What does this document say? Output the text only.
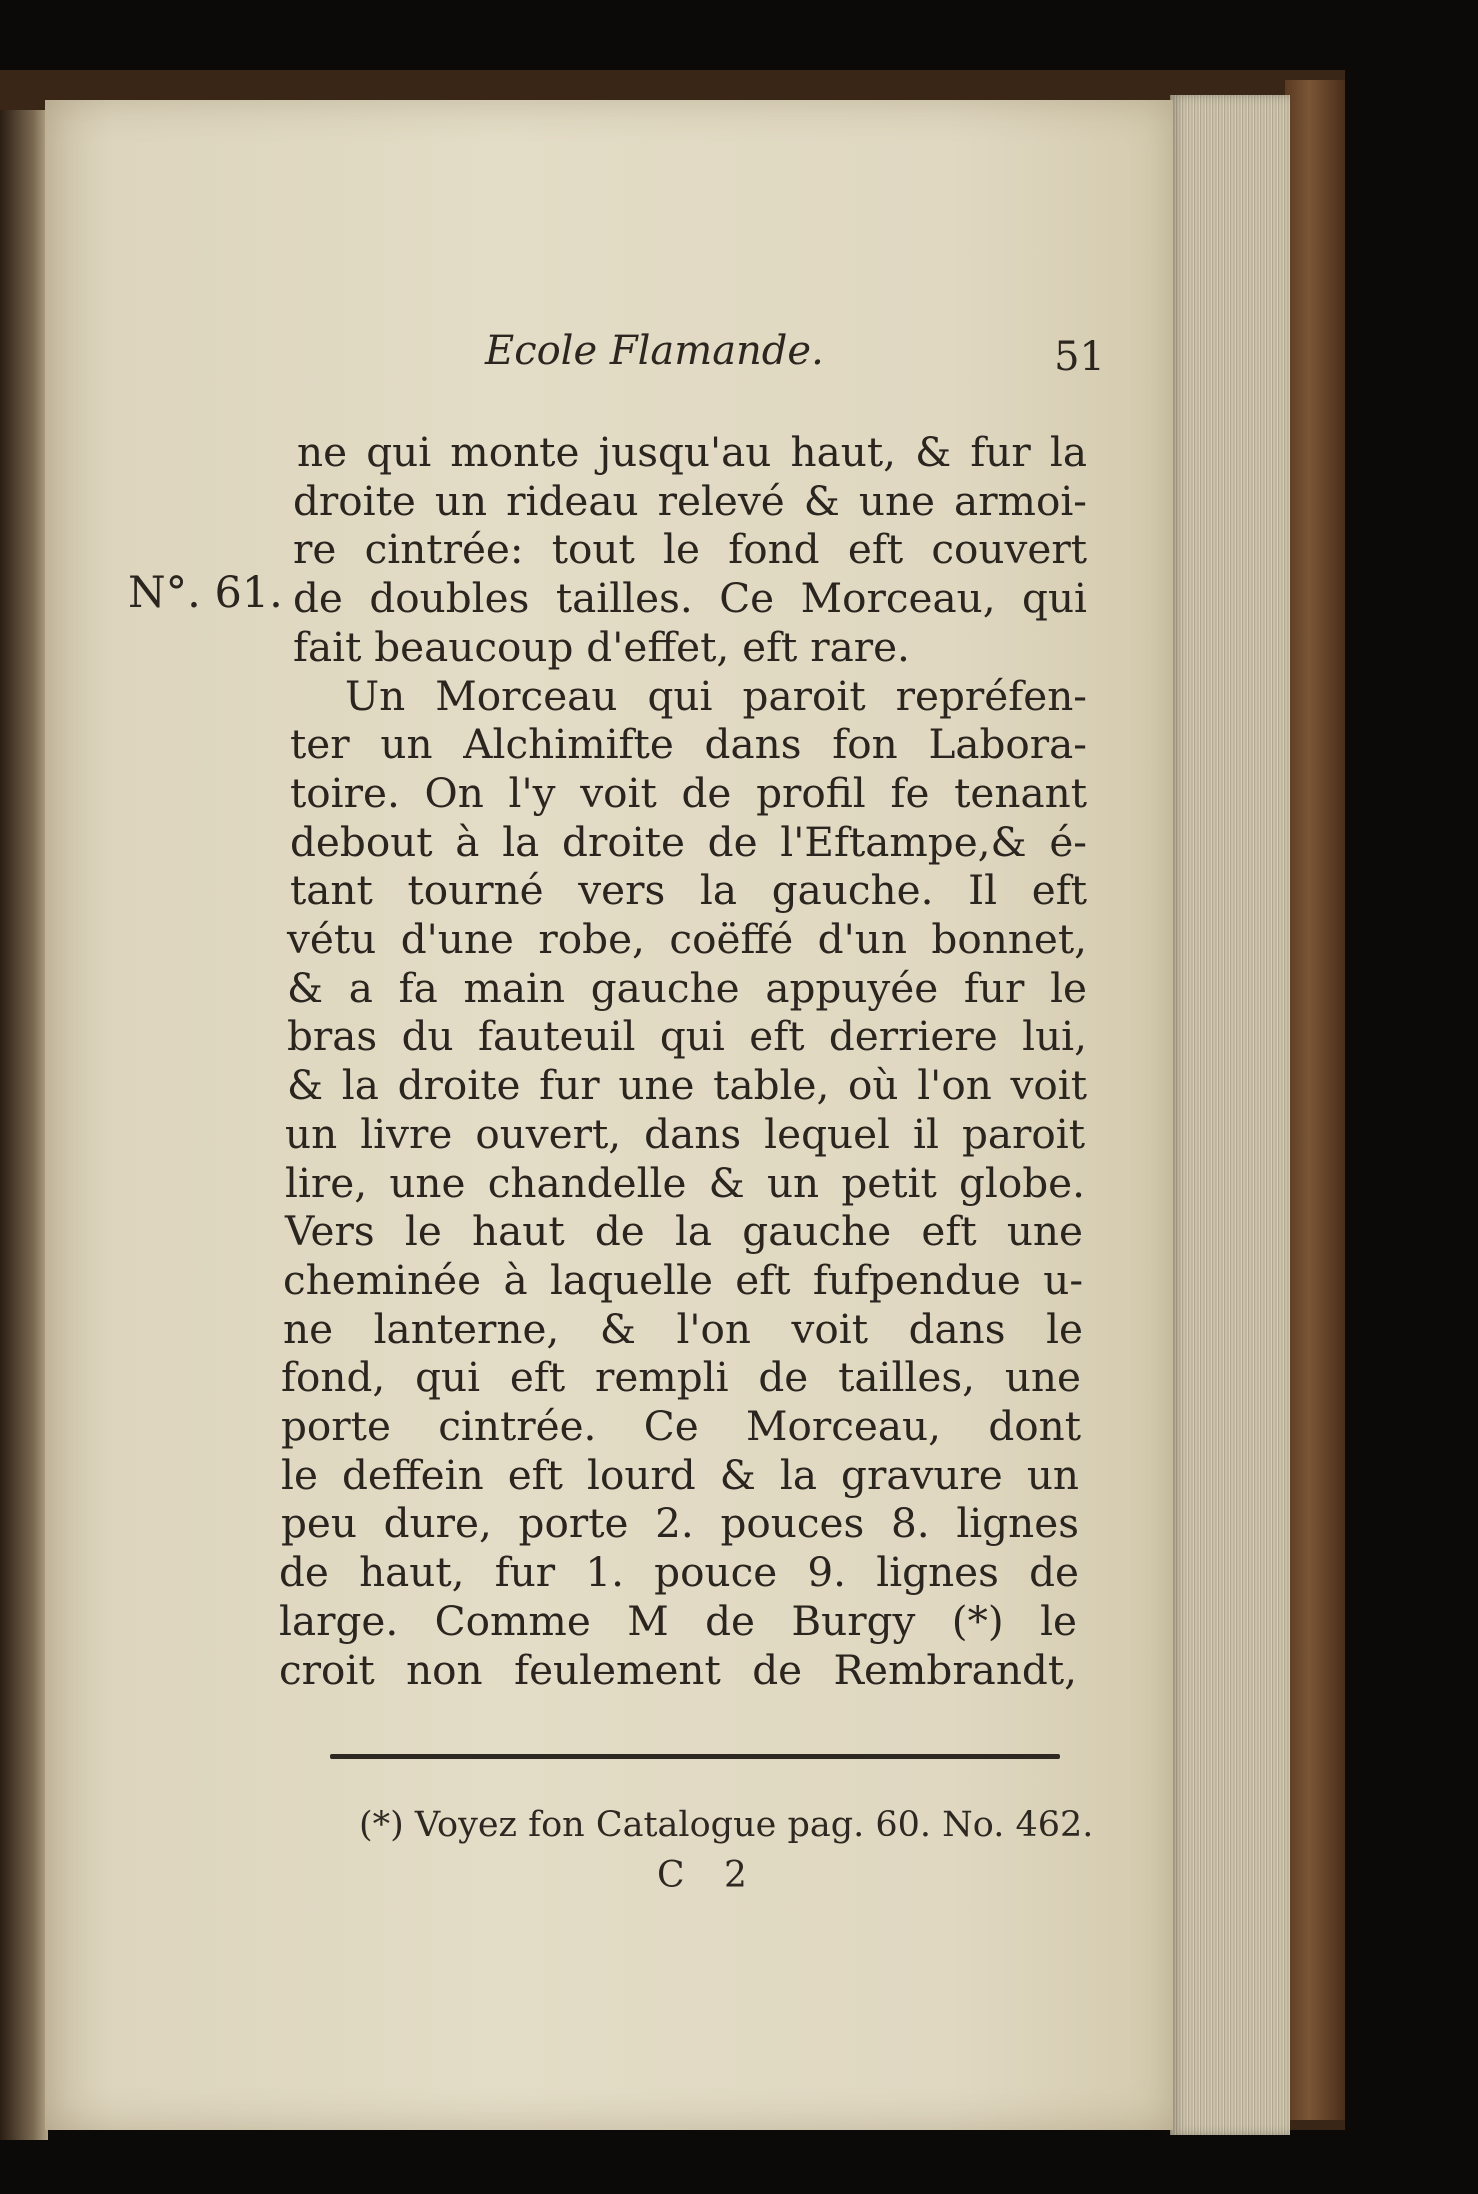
Ecole Flamande.	51
ne qui monte jusqu'au haut, & fur la
droite un rideau relevé & une armoi-
re cintrée: tout le fond eft couvert
de doubles tailles. Ce Morceau, qui
fait beaucoup d'effet, eft rare.
Un Morceau qui paroit repréfen-
ter un Alchimifte dans fon Labora-
toire. On l'y voit de profil fe tenant
debout à la droite de l'Eftampe,& é-
tant tourné vers la gauche. Il eft
vétu d'une robe, coëffé d'un bonnet,
& a fa main gauche appuyée fur le
bras du fauteuil qui eft derriere lui,
& la droite fur une table, où l'on voit
un livre ouvert, dans lequel il paroit
lire, une chandelle & un petit globe.
Vers le haut de la gauche eft une
cheminée à laquelle eft fufpendue u-
ne lanterne, & l'on voit dans le
fond, qui eft rempli de tailles, une
porte cintrée. Ce Morceau, dont
le deffein eft lourd & la gravure un
peu dure, porte 2. pouces 8. lignes
de haut, fur 1. pouce 9. lignes de
large. Comme M de Burgy (*) le
croit non feulement de Rembrandt,
(*) Voyez fon Catalogue pag. 60. No. 462.
C 2
N°. 61.
